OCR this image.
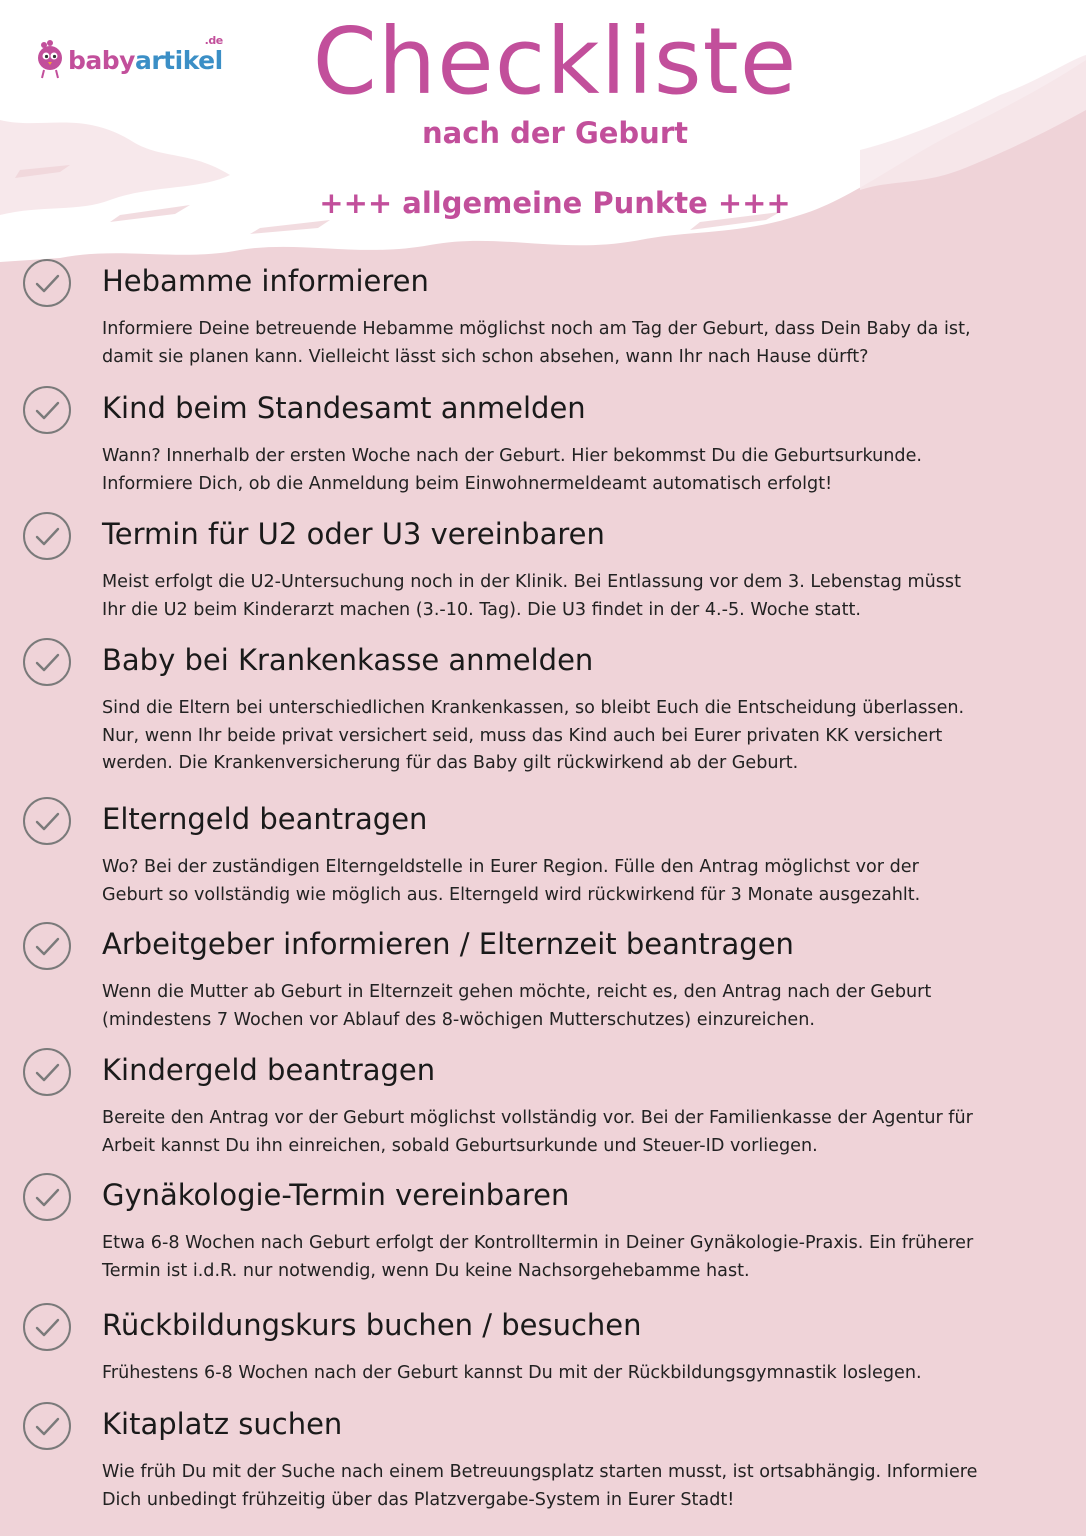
babyartikel
.de Checkliste
nach der Geburt
+++ allgemeine Punkte +++
Hebamme informieren

Informiere Deine betreuende Hebamme möglichst noch am Tag der Geburt, dass Dein Baby da ist, damit sie planen kann. Vielleicht lässt sich schon absehen, wann Ihr nach Hause dürft?

Kind beim Standesamt anmelden

Wann? Innerhalb der ersten Woche nach der Geburt. Hier bekommst Du die Geburtsurkunde. Informiere Dich, ob die Anmeldung beim Einwohnermeldeamt automatisch erfolgt!

Termin für U2 oder U3 vereinbaren

Meist erfolgt die U2-Untersuchung noch in der Klinik. Bei Entlassung vor dem 3. Lebenstag müsst Ihr die U2 beim Kinderarzt machen (3.-10. Tag). Die U3 findet in der 4.-5. Woche statt.

Baby bei Krankenkasse anmelden

Sind die Eltern bei unterschiedlichen Krankenkassen, so bleibt Euch die Entscheidung überlassen. Nur, wenn Ihr beide privat versichert seid, muss das Kind auch bei Eurer privaten KK versichert werden. Die Krankenversicherung für das Baby gilt rückwirkend ab der Geburt.

Elterngeld beantragen

Wo? Bei der zuständigen Elterngeldstelle in Eurer Region. Fülle den Antrag möglichst vor der Geburt so vollständig wie möglich aus. Elterngeld wird rückwirkend für 3 Monate ausgezahlt.

Arbeitgeber informieren / Elternzeit beantragen

Wenn die Mutter ab Geburt in Elternzeit gehen möchte, reicht es, den Antrag nach der Geburt (mindestens 7 Wochen vor Ablauf des 8-wöchigen Mutterschutzes) einzureichen.

Kindergeld beantragen

Bereite den Antrag vor der Geburt möglichst vollständig vor. Bei der Familienkasse der Agentur für Arbeit kannst Du ihn einreichen, sobald Geburtsurkunde und Steuer-ID vorliegen.

Gynäkologie-Termin vereinbaren

Etwa 6-8 Wochen nach Geburt erfolgt der Kontrolltermin in Deiner Gynäkologie-Praxis. Ein früherer Termin ist i.d.R. nur notwendig, wenn Du keine Nachsorgehebamme hast.

Rückbildungskurs buchen / besuchen

Frühestens 6-8 Wochen nach der Geburt kannst Du mit der Rückbildungsgymnastik loslegen.

Kitaplatz suchen

Wie früh Du mit der Suche nach einem Betreuungsplatz starten musst, ist ortsabhängig. Informiere Dich unbedingt frühzeitig über das Platzvergabe-System in Eurer Stadt!
